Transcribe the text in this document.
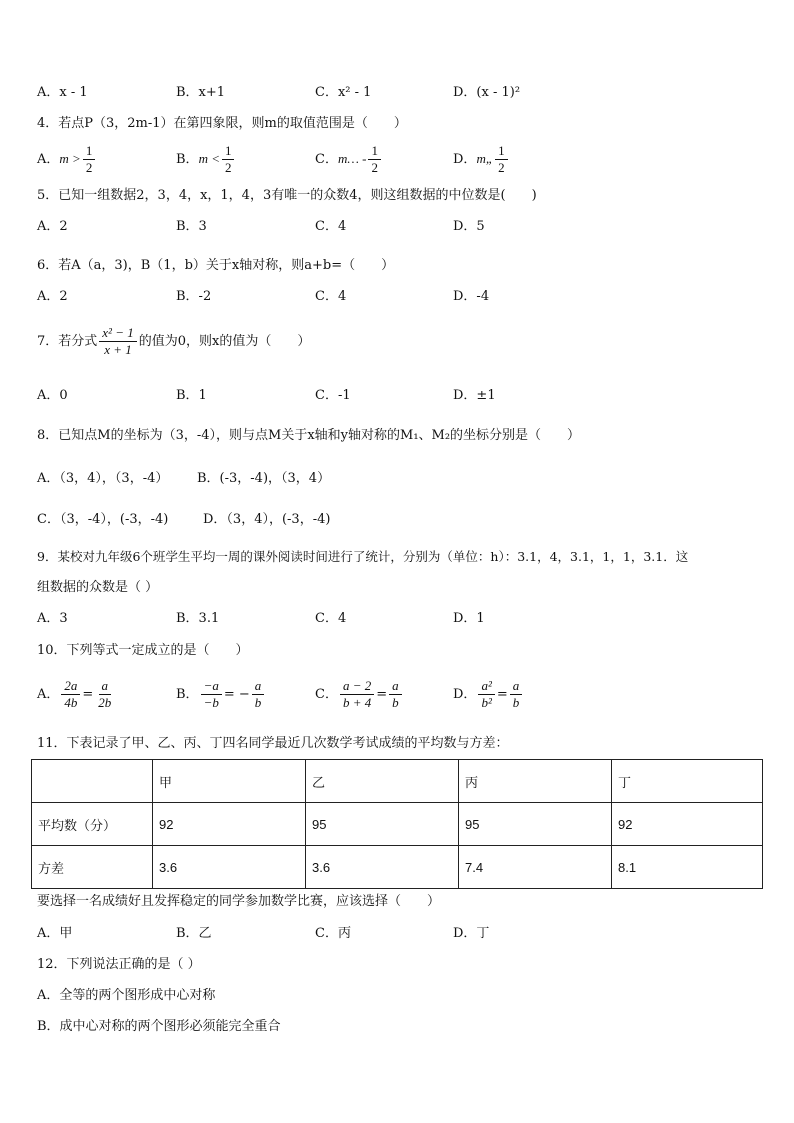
A．x - 1	B．x+1	C．x² - 1	D．(x - 1)²
4．若点P（3，2m-1）在第四象限，则m的取值范围是（　　）
A．$m > \frac{1}{2}$	B．$m < \frac{1}{2}$	C．m… - $\frac{1}{2}$	D．m„ $\frac{1}{2}$
5．已知一组数据2，3，4，x，1，4，3有唯一的众数4，则这组数据的中位数是(　　)
A．2	B．3	C．4	D．5
6．若A（a，3)，B（1，b）关于x轴对称，则a+b=（　　）
A．2	B．-2	C．4	D．-4
7．若分式 $\frac{\text{x² − 1}}{x + 1}$ 的值为0，则x的值为（　　）
A．0	B．1	C．-1	D．±1
8．已知点M的坐标为（3，-4），则与点M关于x轴和y轴对称的M₁、M₂的坐标分别是（　　）
A．（3，4），（3，-4） B．(-3，-4)，（3，4）
C．（3，-4），(-3，-4)	D．（3，4），(-3，-4)
9．某校对九年级6个班学生平均一周的课外阅读时间进行了统计，分别为（单位：h）：3.1，4，3.1，1，1，3.1．这
组数据的众数是（ ）
A．3	B．3.1	C．4	D．1
10．下列等式一定成立的是（　　）
A． $\frac{2a}{4b} = \frac{a}{2b}$	B． $\frac{-a}{-b}$ = − $\frac{a}{b}$	C． $\frac{a - 2}{b + 4} = \frac{a}{b}$	D． $\frac{\text{a²}}{\text{b²}} = \frac{a}{b}$
11．下表记录了甲、乙、丙、丁四名同学最近几次数学考试成绩的平均数与方差：
	甲	乙	丙	丁
平均数（分）	92	95	95	92
方差	3.6	3.6	7.4	8.1
要选择一名成绩好且发挥稳定的同学参加数学比赛，应该选择（　　）
A．甲	B．乙	C．丙	D．丁
12．下列说法正确的是（ ）
A．全等的两个图形成中心对称
B．成中心对称的两个图形必须能完全重合
